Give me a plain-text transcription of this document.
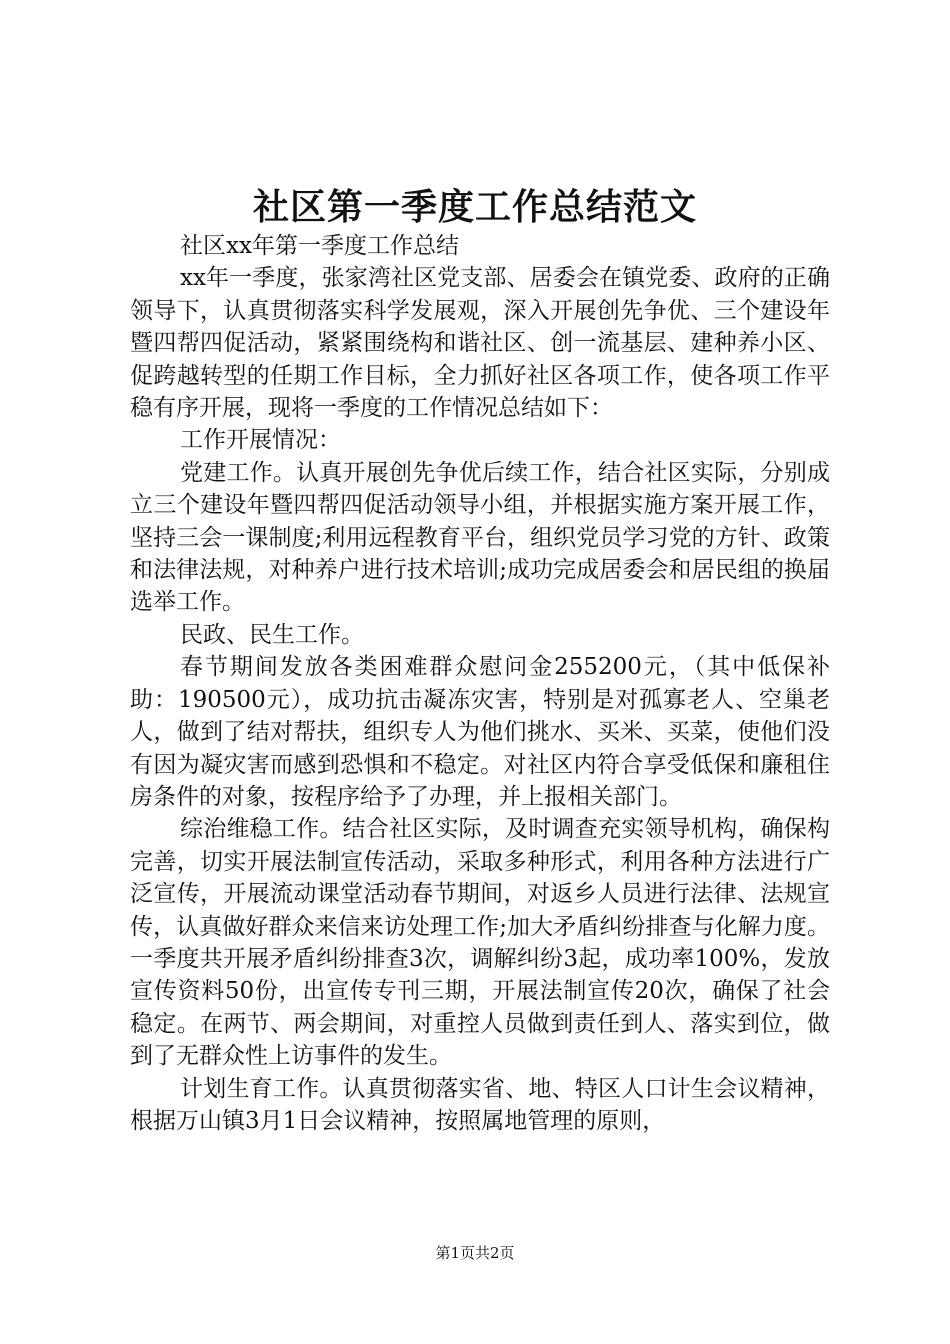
社区第一季度工作总结范文

社区xx年第一季度工作总结

xx年一季度，张家湾社区党支部、居委会在镇党委、政府的正确领导下，认真贯彻落实科学发展观，深入开展创先争优、三个建设年暨四帮四促活动，紧紧围绕构和谐社区、创一流基层、建种养小区、促跨越转型的任期工作目标，全力抓好社区各项工作，使各项工作平稳有序开展，现将一季度的工作情况总结如下：

工作开展情况：

党建工作。认真开展创先争优后续工作，结合社区实际，分别成立三个建设年暨四帮四促活动领导小组，并根据实施方案开展工作，坚持三会一课制度;利用远程教育平台，组织党员学习党的方针、政策和法律法规，对种养户进行技术培训;成功完成居委会和居民组的换届选举工作。

民政、民生工作。

春节期间发放各类困难群众慰问金255200元，（其中低保补助：190500元），成功抗击凝冻灾害，特别是对孤寡老人、空巢老人，做到了结对帮扶，组织专人为他们挑水、买米、买菜，使他们没有因为凝灾害而感到恐惧和不稳定。对社区内符合享受低保和廉租住房条件的对象，按程序给予了办理，并上报相关部门。

综治维稳工作。结合社区实际，及时调查充实领导机构，确保构完善，切实开展法制宣传活动，采取多种形式，利用各种方法进行广泛宣传，开展流动课堂活动春节期间，对返乡人员进行法律、法规宣传，认真做好群众来信来访处理工作;加大矛盾纠纷排查与化解力度。一季度共开展矛盾纠纷排查3次，调解纠纷3起，成功率100%，发放宣传资料50份，出宣传专刊三期，开展法制宣传20次，确保了社会稳定。在两节、两会期间，对重控人员做到责任到人、落实到位，做到了无群众性上访事件的发生。

计划生育工作。认真贯彻落实省、地、特区人口计生会议精神，根据万山镇3月1日会议精神，按照属地管理的原则，

第1页共2页
